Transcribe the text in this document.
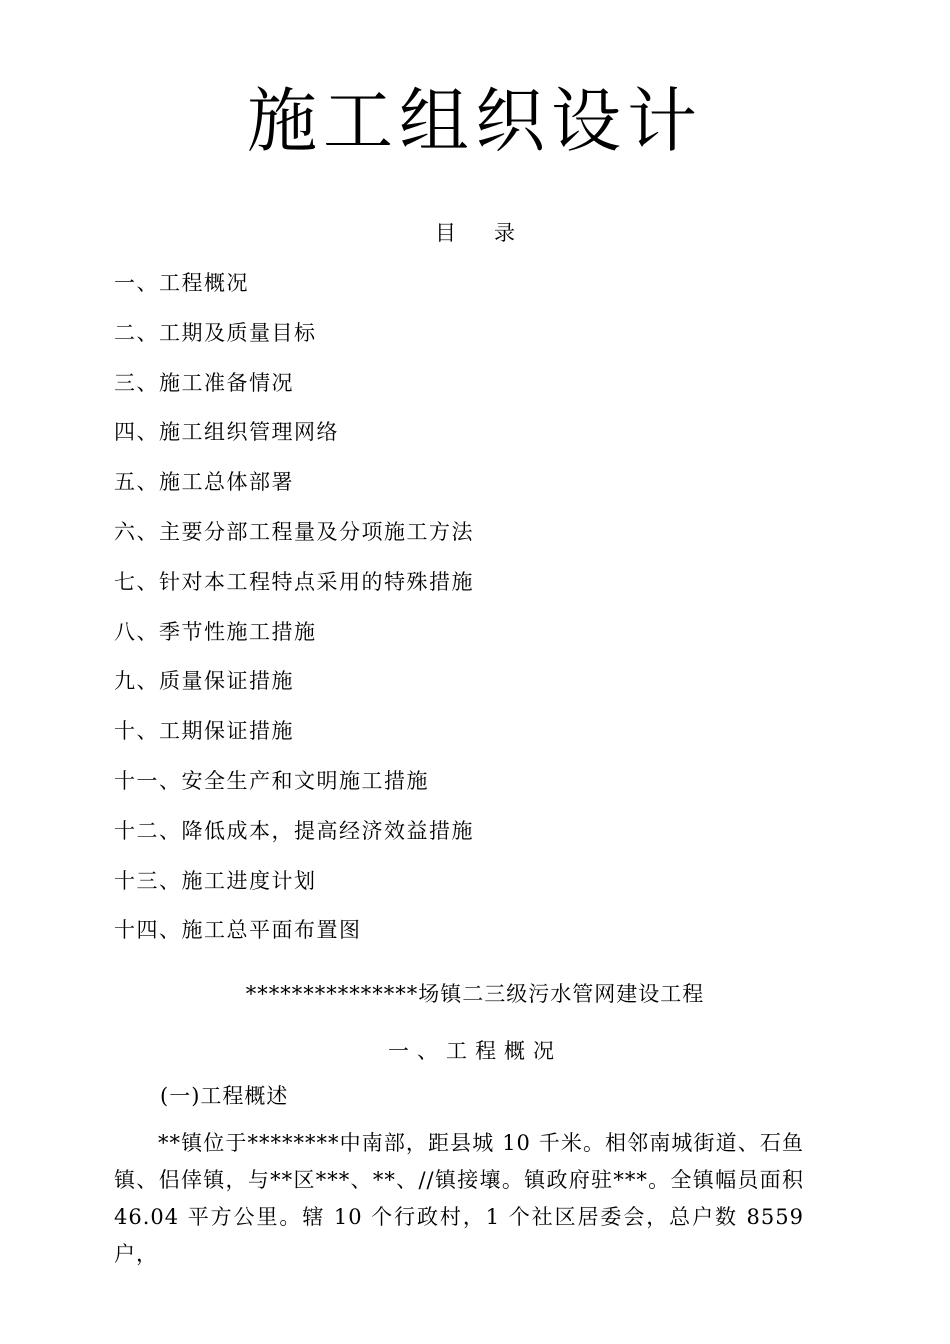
施工组织设计
目 录
一、工程概况
二、工期及质量目标
三、施工准备情况
四、施工组织管理网络
五、施工总体部署
六、主要分部工程量及分项施工方法
七、针对本工程特点采用的特殊措施
八、季节性施工措施
九、质量保证措施
十、工期保证措施
十一、安全生产和文明施工措施
十二、降低成本，提高经济效益措施
十三、施工进度计划
十四、施工总平面布置图
***************场镇二三级污水管网建设工程
一、工程概况
(一)工程概述

**镇位于********中南部，距县城 10 千米。相邻南城街道、石鱼镇、侣倖镇，与**区***、**、//镇接壤。镇政府驻***。全镇幅员面积 46.04 平方公里。辖 10 个行政村，1 个社区居委会，总户数 8559 户，
